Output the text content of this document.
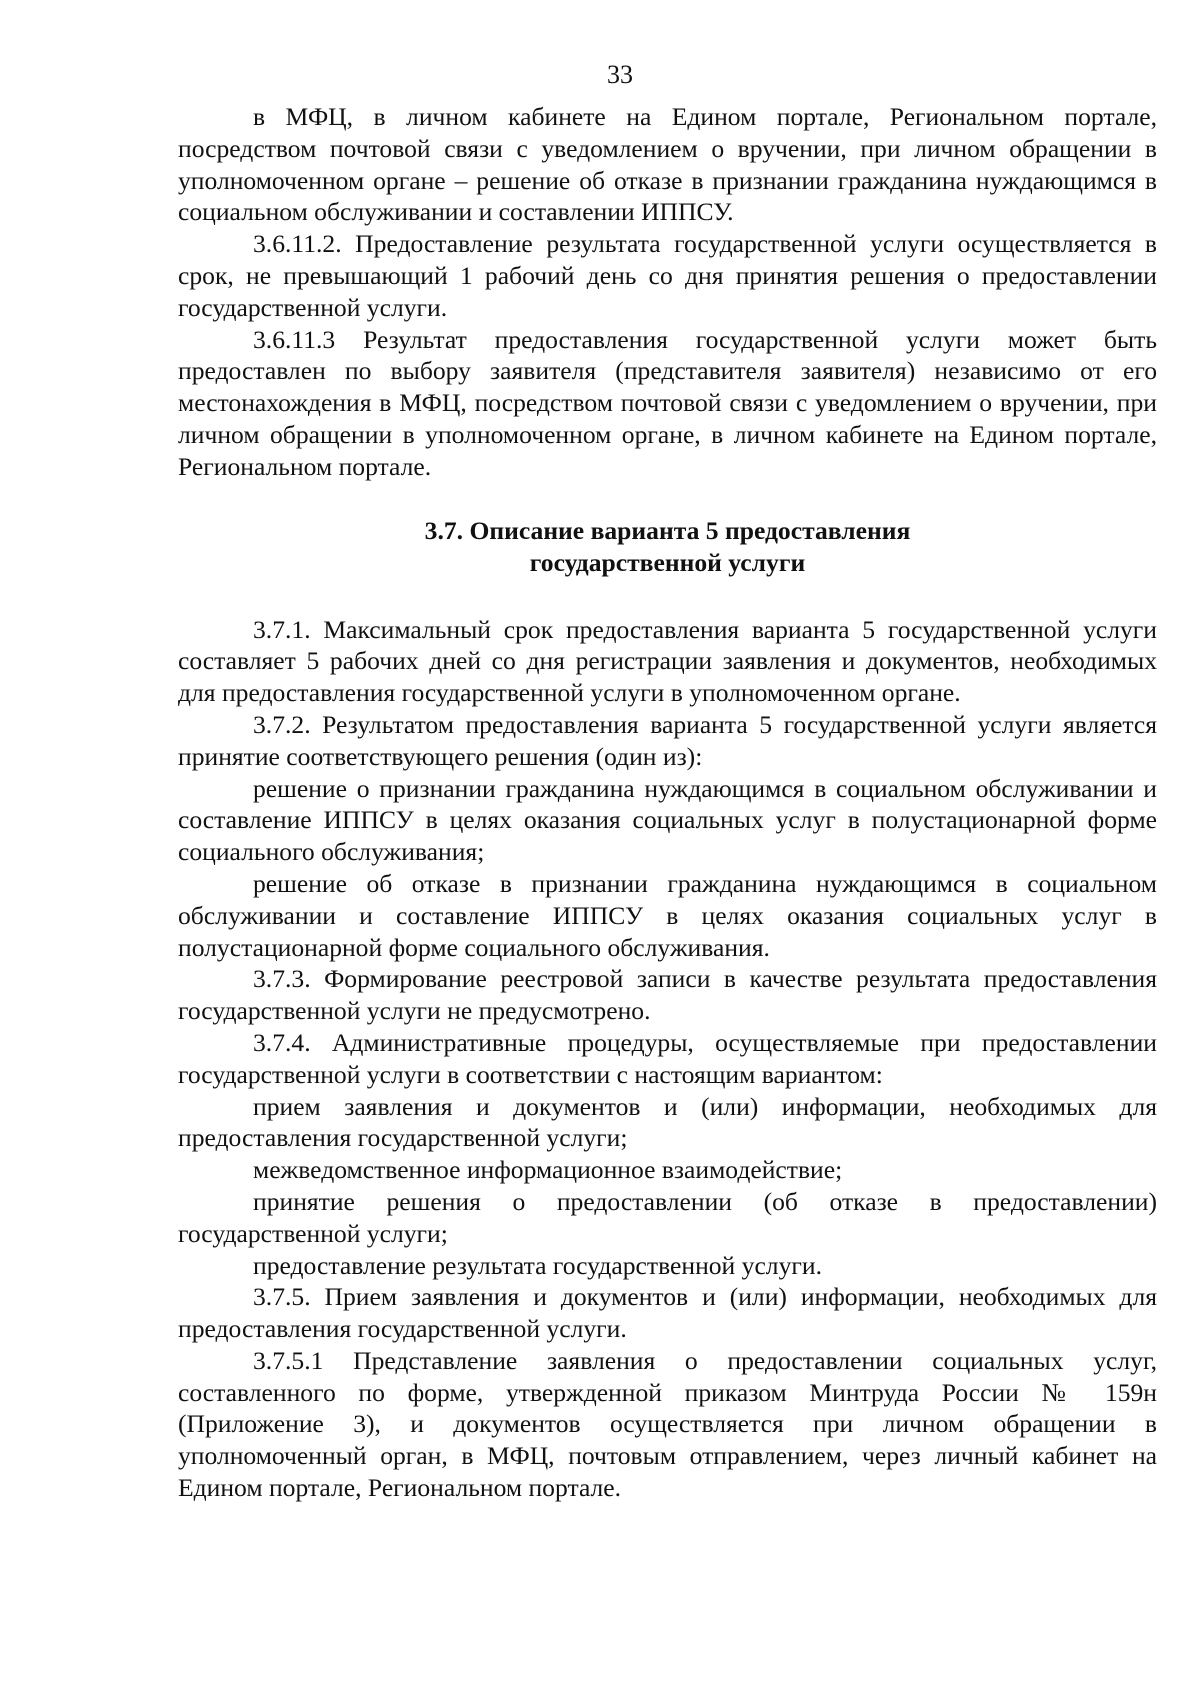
33

в МФЦ, в личном кабинете на Едином портале, Региональном портале, посредством почтовой связи с уведомлением о вручении, при личном обращении в уполномоченном органе – решение об отказе в признании гражданина нуждающимся в социальном обслуживании и составлении ИППСУ.

3.6.11.2. Предоставление результата государственной услуги осуществляется в срок, не превышающий 1 рабочий день со дня принятия решения о предоставлении государственной услуги.

3.6.11.3 Результат предоставления государственной услуги может быть предоставлен по выбору заявителя (представителя заявителя) независимо от его местонахождения в МФЦ, посредством почтовой связи с уведомлением о вручении, при личном обращении в уполномоченном органе, в личном кабинете на Едином портале, Региональном портале.

3.7. Описание варианта 5 предоставления
государственной услуги

3.7.1. Максимальный срок предоставления варианта 5 государственной услуги составляет 5 рабочих дней со дня регистрации заявления и документов, необходимых для предоставления государственной услуги в уполномоченном органе.

3.7.2. Результатом предоставления варианта 5 государственной услуги является принятие соответствующего решения (один из):

решение о признании гражданина нуждающимся в социальном обслуживании и составление ИППСУ в целях оказания социальных услуг в полустационарной форме социального обслуживания;

решение об отказе в признании гражданина нуждающимся в социальном обслуживании и составление ИППСУ в целях оказания социальных услуг в полустационарной форме социального обслуживания.

3.7.3. Формирование реестровой записи в качестве результата предоставления государственной услуги не предусмотрено.

3.7.4. Административные процедуры, осуществляемые при предоставлении государственной услуги в соответствии с настоящим вариантом:

прием заявления и документов и (или) информации, необходимых для предоставления государственной услуги;

межведомственное информационное взаимодействие;

принятие решения о предоставлении (об отказе в предоставлении) государственной услуги;

предоставление результата государственной услуги.

3.7.5. Прием заявления и документов и (или) информации, необходимых для предоставления государственной услуги.

3.7.5.1 Представление заявления о предоставлении социальных услуг, составленного по форме, утвержденной приказом Минтруда России № 159н (Приложение 3), и документов осуществляется при личном обращении в уполномоченный орган, в МФЦ, почтовым отправлением, через личный кабинет на Едином портале, Региональном портале.
